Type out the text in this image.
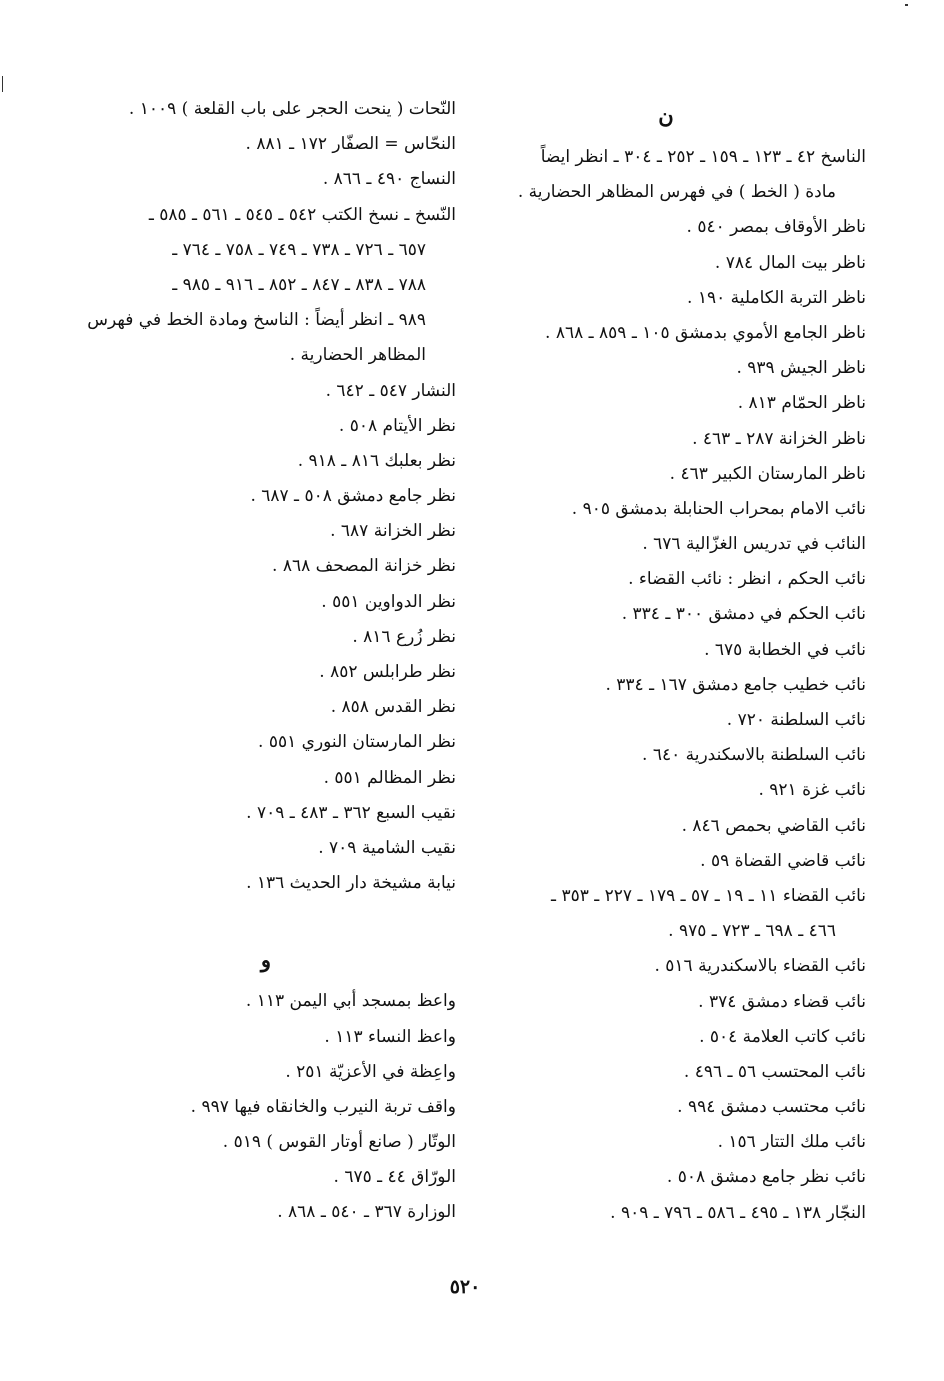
ن

الناسخ ٤٢ ـ ١٢٣ ـ ١٥٩ ـ ٢٥٢ ـ ٣٠٤ ـ انظر ايضاً

مادة ( الخط ) في فهرس المظاهر الحضارية .

ناظر الأوقاف بمصر ٥٤٠ .

ناظر بيت المال ٧٨٤ .

ناظر التربة الكاملية ١٩٠ .

ناظر الجامع الأموي بدمشق ١٠٥ ـ ٨٥٩ ـ ٨٦٨ .

ناظر الجيش ٩٣٩ .

ناظر الحمّام ٨١٣ .

ناظر الخزانة ٢٨٧ ـ ٤٦٣ .

ناظر المارستان الكبير ٤٦٣ .

نائب الامام بمحراب الحنابلة بدمشق ٩٠٥ .

النائب في تدريس الغزّالية ٦٧٦ .

نائب الحكم ، انظر : نائب القضاء .

نائب الحكم في دمشق ٣٠٠ ـ ٣٣٤ .

نائب في الخطابة ٦٧٥ .

نائب خطيب جامع دمشق ١٦٧ ـ ٣٣٤ .

نائب السلطنة ٧٢٠ .

نائب السلطنة بالاسكندرية ٦٤٠ .

نائب غزة ٩٢١ .

نائب القاضي بحمص ٨٤٦ .

نائب قاضي القضاة ٥٩ .

نائب القضاء ١١ ـ ١٩ ـ ٥٧ ـ ١٧٩ ـ ٢٢٧ ـ ٣٥٣ ـ

٤٦٦ ـ ٦٩٨ ـ ٧٢٣ ـ ٩٧٥ .

نائب القضاء بالاسكندرية ٥١٦ .

نائب قضاء دمشق ٣٧٤ .

نائب كاتب العلامة ٥٠٤ .

نائب المحتسب ٥٦ ـ ٤٩٦ .

نائب محتسب دمشق ٩٩٤ .

نائب ملك التتار ١٥٦ .

نائب نظر جامع دمشق ٥٠٨ .

النجّار ١٣٨ ـ ٤٩٥ ـ ٥٨٦ ـ ٧٩٦ ـ ٩٠٩ .

النّحات ( ينحت الحجر على باب القلعة ) ١٠٠٩ .

النحّاس = الصفّار ١٧٢ ـ ٨٨١ .

النساج ٤٩٠ ـ ٨٦٦ .

النّسخ ـ نسخ الكتب ٥٤٢ ـ ٥٤٥ ـ ٥٦١ ـ ٥٨٥ ـ

٦٥٧ ـ ٧٢٦ ـ ٧٣٨ ـ ٧٤٩ ـ ٧٥٨ ـ ٧٦٤ ـ

٧٨٨ ـ ٨٣٨ ـ ٨٤٧ ـ ٨٥٢ ـ ٩١٦ ـ ٩٨٥ ـ

٩٨٩ ـ انظر أيضاً : الناسخ ومادة الخط في فهرس

المظاهر الحضارية .

النشار ٥٤٧ ـ ٦٤٢ .

نظر الأيتام ٥٠٨ .

نظر بعلبك ٨١٦ ـ ٩١٨ .

نظر جامع دمشق ٥٠٨ ـ ٦٨٧ .

نظر الخزانة ٦٨٧ .

نظر خزانة المصحف ٨٦٨ .

نظر الدواوين ٥٥١ .

نظر زُرع ٨١٦ .

نظر طرابلس ٨٥٢ .

نظر القدس ٨٥٨ .

نظر المارستان النوري ٥٥١ .

نظر المظالم ٥٥١ .

نقيب السبع ٣٦٢ ـ ٤٨٣ ـ ٧٠٩ .

نقيب الشامية ٧٠٩ .

نيابة مشيخة دار الحديث ١٣٦ .

و

واعظ بمسجد أبي اليمن ١١٣ .

واعظ النساء ١١٣ .

واعِظة في الأعزيّة ٢٥١ .

واقف تربة النيرب والخانقاه فيها ٩٩٧ .

الوتّار ( صانع أوتار القوس ) ٥١٩ .

الورّاق ٤٤ ـ ٦٧٥ .

الوزارة ٣٦٧ ـ ٥٤٠ ـ ٨٦٨ .

٥٢٠
